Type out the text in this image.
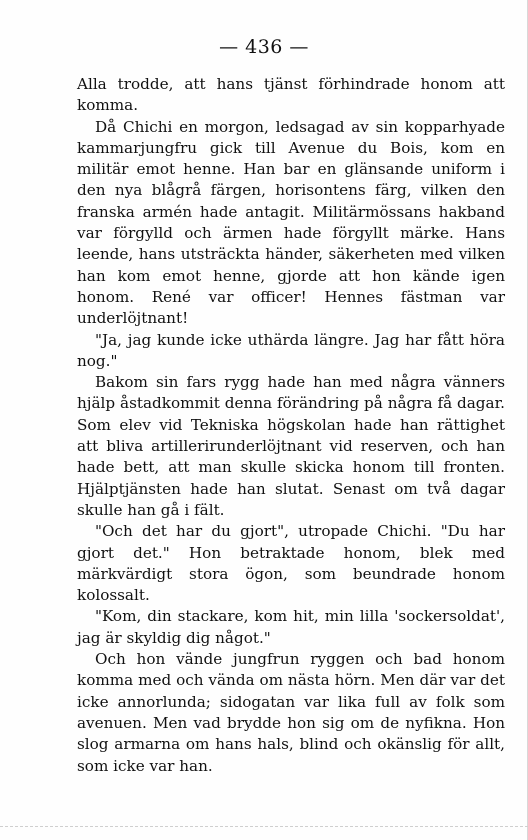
— 436 —

Alla trodde, att hans tjänst förhindrade honom att komma.

Då Chichi en morgon, ledsagad av sin kopparhyade kammarjungfru gick till Avenue du Bois, kom en militär emot henne. Han bar en glänsande uniform i den nya blågrå färgen, horisontens färg, vilken den franska armén hade antagit. Militärmössans hakband var förgylld och ärmen hade förgyllt märke. Hans leende, hans utsträckta händer, säkerheten med vilken han kom emot henne, gjorde att hon kände igen honom. René var officer! Hennes fästman var underlöjtnant!

"Ja, jag kunde icke uthärda längre. Jag har fått höra nog."

Bakom sin fars rygg hade han med några vänners hjälp åstadkommit denna förändring på några få dagar. Som elev vid Tekniska högskolan hade han rättighet att bliva artillerirunderlöjtnant vid reserven, och han hade bett, att man skulle skicka honom till fronten. Hjälptjänsten hade han slutat. Senast om två dagar skulle han gå i fält.

"Och det har du gjort", utropade Chichi. "Du har gjort det." Hon betraktade honom, blek med märkvärdigt stora ögon, som beundrade honom kolossalt.

"Kom, din stackare, kom hit, min lilla 'sockersoldat', jag är skyldig dig något."

Och hon vände jungfrun ryggen och bad honom komma med och vända om nästa hörn. Men där var det icke annorlunda; sidogatan var lika full av folk som avenuen. Men vad brydde hon sig om de nyfikna. Hon slog armarna om hans hals, blind och okänslig för allt, som icke var han.
